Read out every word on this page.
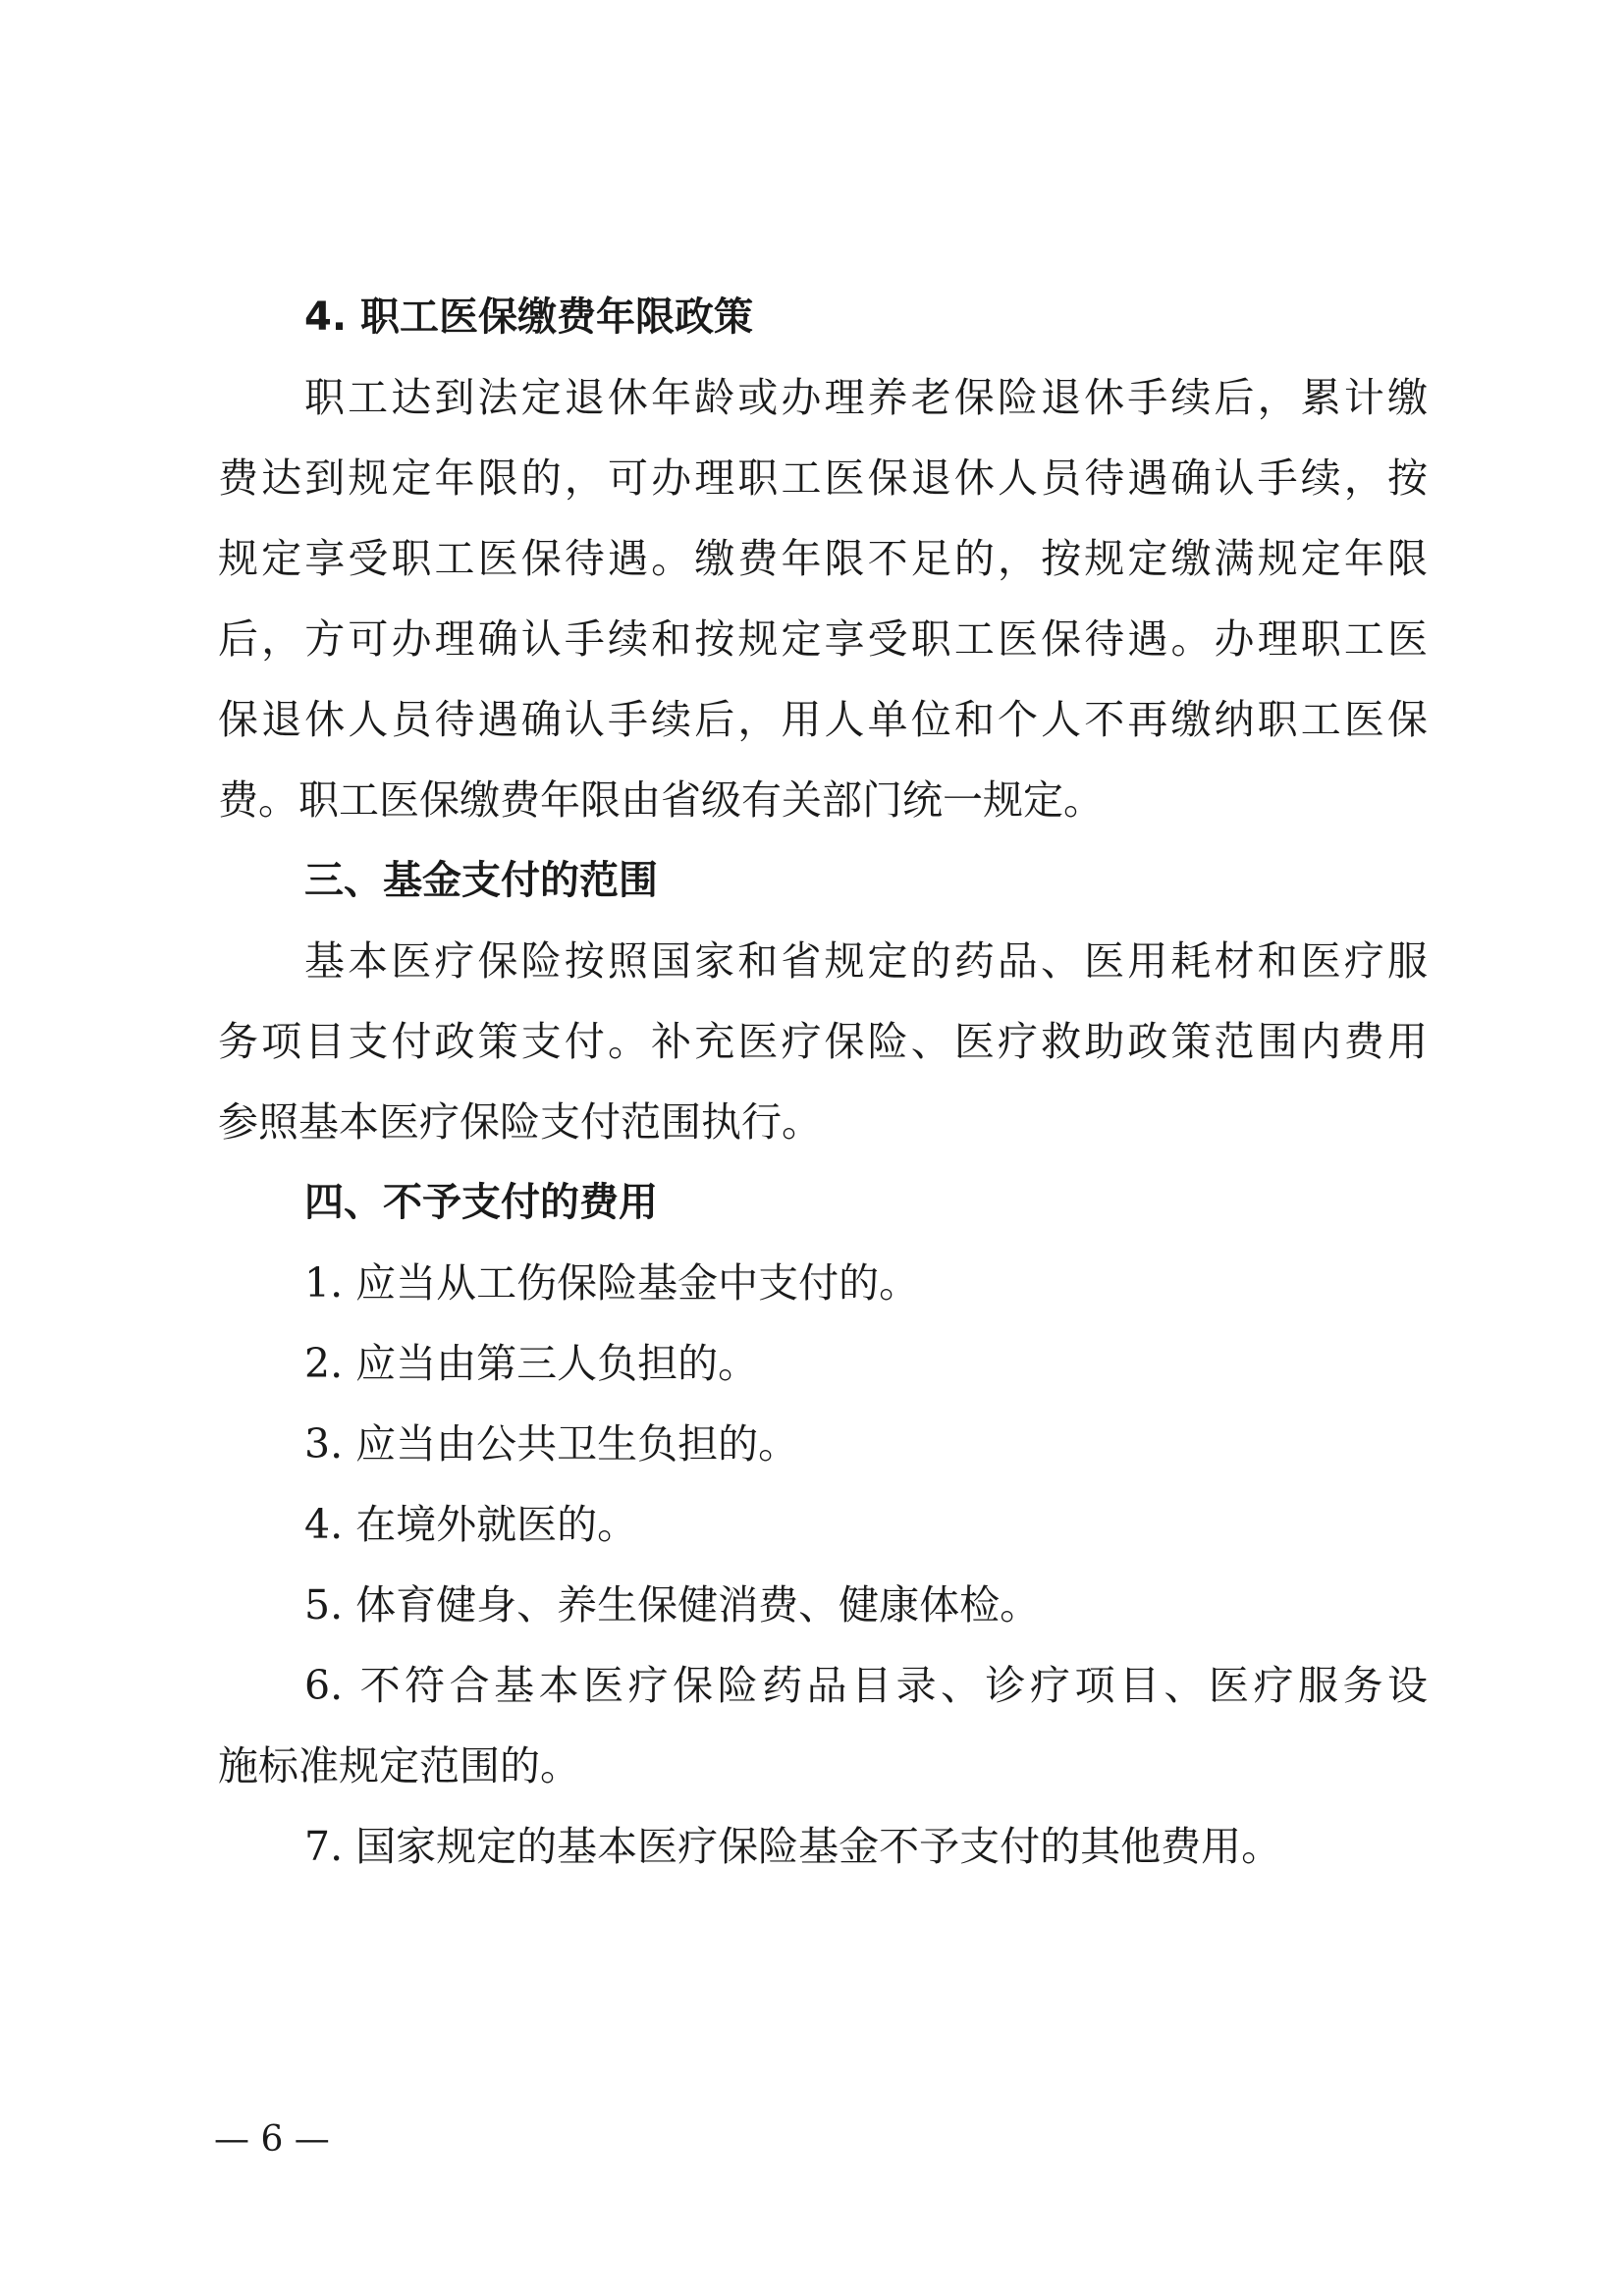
4. 职工医保缴费年限政策
职工达到法定退休年龄或办理养老保险退休手续后，累计缴
费达到规定年限的，可办理职工医保退休人员待遇确认手续，按
规定享受职工医保待遇。缴费年限不足的，按规定缴满规定年限
后，方可办理确认手续和按规定享受职工医保待遇。办理职工医
保退休人员待遇确认手续后，用人单位和个人不再缴纳职工医保
费。职工医保缴费年限由省级有关部门统一规定。
三、基金支付的范围
基本医疗保险按照国家和省规定的药品、医用耗材和医疗服
务项目支付政策支付。补充医疗保险、医疗救助政策范围内费用
参照基本医疗保险支付范围执行。
四、不予支付的费用
1. 应当从工伤保险基金中支付的。
2. 应当由第三人负担的。
3. 应当由公共卫生负担的。
4. 在境外就医的。
5. 体育健身、养生保健消费、健康体检。
6. 不符合基本医疗保险药品目录、诊疗项目、医疗服务设
施标准规定范围的。
7. 国家规定的基本医疗保险基金不予支付的其他费用。
— 6 —
